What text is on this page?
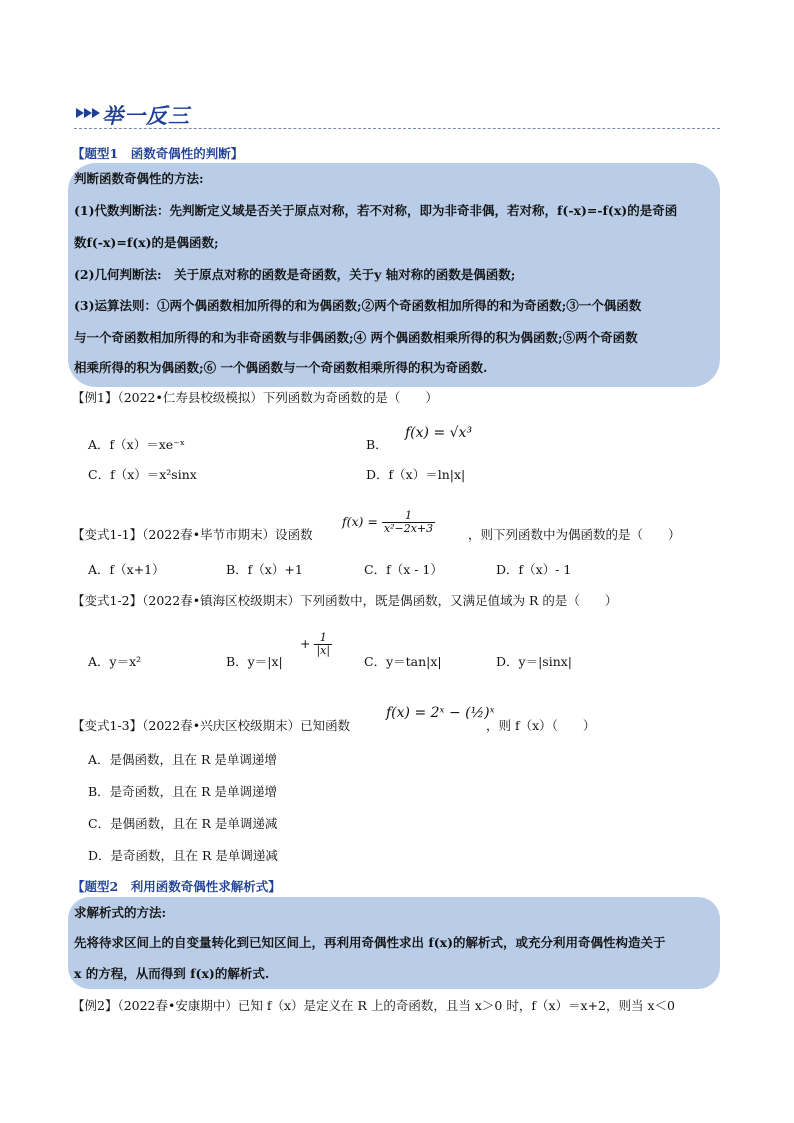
举一反三
【题型1　函数奇偶性的判断】
判断函数奇偶性的方法:
(1)代数判断法：先判断定义域是否关于原点对称，若不对称，即为非奇非偶，若对称，f(-x)=-f(x)的是奇函
数f(-x)=f(x)的是偶函数;
(2)几何判断法:　关于原点对称的函数是奇函数，关于y 轴对称的函数是偶函数;
(3)运算法则：①两个偶函数相加所得的和为偶函数;②两个奇函数相加所得的和为奇函数;③一个偶函数
与一个奇函数相加所得的和为非奇函数与非偶函数;④ 两个偶函数相乘所得的积为偶函数;⑤两个奇函数
相乘所得的积为偶函数;⑥ 一个偶函数与一个奇函数相乘所得的积为奇函数.
【例1】（2022•仁寿县校级模拟）下列函数为奇函数的是（　　）
A．f（x）＝xe⁻ˣ	B．
f(x) = √x³
C．f（x）＝x²sinx	D．f（x）＝ln|x|
【变式1-1】（2022春•毕节市期末）设函数
$f(x) = \frac{1}{\text{x²−2x+3}}$	，则下列函数中为偶函数的是（　　）
A．f（x+1）	B．f（x）+1	C．f（x - 1）	D．f（x）- 1
【变式1-2】（2022春•镇海区校级期末）下列函数中，既是偶函数，又满足值域为 R 的是（　　）
A．y＝x²	B．y＝|x|
+ $\frac{1}{|x|}$
C．y＝tan|x|	D．y＝|sinx|
【变式1-3】（2022春•兴庆区校级期末）已知函数
f(x) = 2ˣ − (½)ˣ
，则 f（x）（　　）
A．是偶函数，且在 R 是单调递增
B．是奇函数，且在 R 是单调递增
C．是偶函数，且在 R 是单调递减
D．是奇函数，且在 R 是单调递减
【题型2　利用函数奇偶性求解析式】
求解析式的方法:
先将待求区间上的自变量转化到已知区间上，再利用奇偶性求出 f(x)的解析式，或充分利用奇偶性构造关于
x 的方程，从而得到 f(x)的解析式.
【例2】（2022春•安康期中）已知 f（x）是定义在 R 上的奇函数，且当 x＞0 时，f（x）＝x+2，则当 x＜0
